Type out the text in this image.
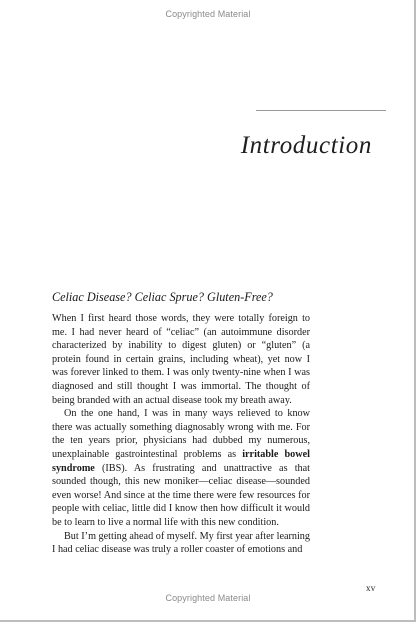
Copyrighted Material
Introduction
Celiac Disease? Celiac Sprue? Gluten-Free?

When I first heard those words, they were totally foreign to me. I had never heard of “celiac” (an autoimmune disorder characterized by inability to digest gluten) or “gluten” (a protein found in certain grains, including wheat), yet now I was forever linked to them. I was only twenty-nine when I was diagnosed and still thought I was immortal. The thought of being branded with an actual disease took my breath away.

On the one hand, I was in many ways relieved to know there was actually something diagnosably wrong with me. For the ten years prior, physicians had dubbed my numerous, unexplainable gastrointestinal problems as irritable bowel syndrome (IBS). As frustrating and unattractive as that sounded though, this new moniker—celiac disease—sounded even worse! And since at the time there were few resources for people with celiac, little did I know then how difficult it would be to learn to live a normal life with this new condition.

But I’m getting ahead of myself. My first year after learning I had celiac disease was truly a roller coaster of emotions and

xv
Copyrighted Material
